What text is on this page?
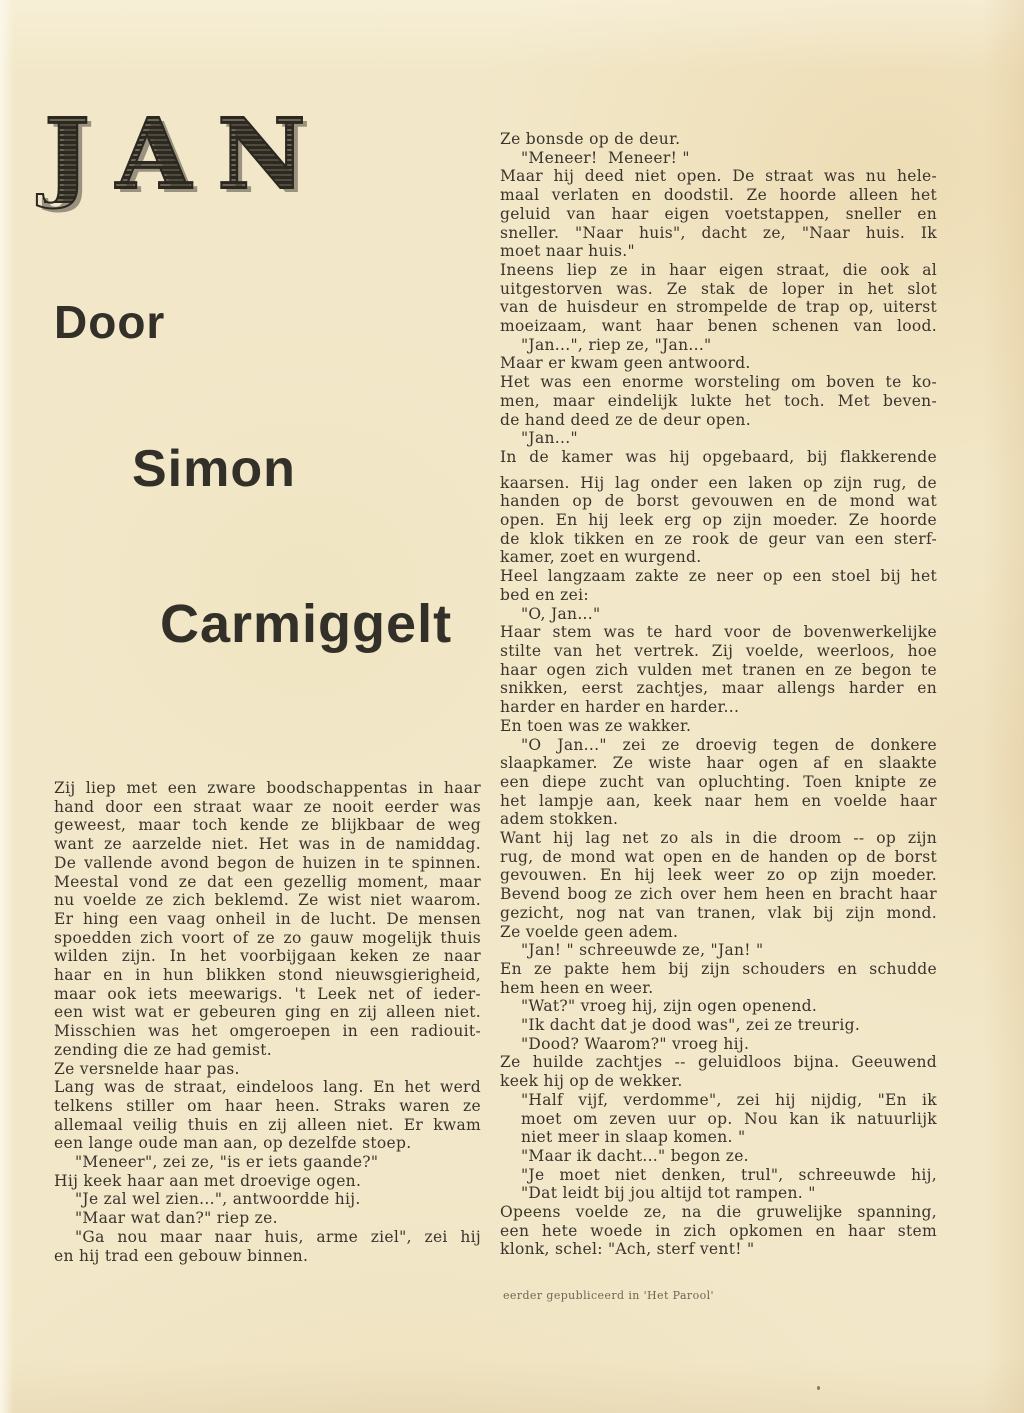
JAN
Door
Simon
Carmiggelt
Zij liep met een zware boodschappentas in haar
hand door een straat waar ze nooit eerder was
geweest, maar toch kende ze blijkbaar de weg
want ze aarzelde niet. Het was in de namiddag.
De vallende avond begon de huizen in te spinnen.
Meestal vond ze dat een gezellig moment, maar
nu voelde ze zich beklemd. Ze wist niet waarom.
Er hing een vaag onheil in de lucht. De mensen
spoedden zich voort of ze zo gauw mogelijk thuis
wilden zijn. In het voorbijgaan keken ze naar
haar en in hun blikken stond nieuwsgierigheid,
maar ook iets meewarigs. 't Leek net of ieder-
een wist wat er gebeuren ging en zij alleen niet.
Misschien was het omgeroepen in een radiouit-
zending die ze had gemist.
Ze versnelde haar pas.
Lang was de straat, eindeloos lang. En het werd
telkens stiller om haar heen. Straks waren ze
allemaal veilig thuis en zij alleen niet. Er kwam
een lange oude man aan, op dezelfde stoep.
"Meneer", zei ze, "is er iets gaande?"
Hij keek haar aan met droevige ogen.
"Je zal wel zien...", antwoordde hij.
"Maar wat dan?" riep ze.
"Ga nou maar naar huis, arme ziel", zei hij
en hij trad een gebouw binnen.
Ze bonsde op de deur.
"Meneer!  Meneer! "
Maar hij deed niet open. De straat was nu hele-
maal verlaten en doodstil. Ze hoorde alleen het
geluid van haar eigen voetstappen, sneller en
sneller. "Naar huis", dacht ze, "Naar huis. Ik
moet naar huis."
Ineens liep ze in haar eigen straat, die ook al
uitgestorven was. Ze stak de loper in het slot
van de huisdeur en strompelde de trap op, uiterst
moeizaam, want haar benen schenen van lood.
"Jan...", riep ze, "Jan..."
Maar er kwam geen antwoord.
Het was een enorme worsteling om boven te ko-
men, maar eindelijk lukte het toch. Met beven-
de hand deed ze de deur open.
"Jan..."
In de kamer was hij opgebaard, bij flakkerende
kaarsen. Hij lag onder een laken op zijn rug, de
handen op de borst gevouwen en de mond wat
open. En hij leek erg op zijn moeder. Ze hoorde
de klok tikken en ze rook de geur van een sterf-
kamer, zoet en wurgend.
Heel langzaam zakte ze neer op een stoel bij het
bed en zei:
"O, Jan..."
Haar stem was te hard voor de bovenwerkelijke
stilte van het vertrek. Zij voelde, weerloos, hoe
haar ogen zich vulden met tranen en ze begon te
snikken, eerst zachtjes, maar allengs harder en
harder en harder en harder...
En toen was ze wakker.
"O Jan..." zei ze droevig tegen de donkere
slaapkamer. Ze wiste haar ogen af en slaakte
een diepe zucht van opluchting. Toen knipte ze
het lampje aan, keek naar hem en voelde haar
adem stokken.
Want hij lag net zo als in die droom -- op zijn
rug, de mond wat open en de handen op de borst
gevouwen. En hij leek weer zo op zijn moeder.
Bevend boog ze zich over hem heen en bracht haar
gezicht, nog nat van tranen, vlak bij zijn mond.
Ze voelde geen adem.
"Jan! " schreeuwde ze, "Jan! "
En ze pakte hem bij zijn schouders en schudde
hem heen en weer.
"Wat?" vroeg hij, zijn ogen openend.
"Ik dacht dat je dood was", zei ze treurig.
"Dood? Waarom?" vroeg hij.
Ze huilde zachtjes -- geluidloos bijna. Geeuwend
keek hij op de wekker.
"Half vijf, verdomme", zei hij nijdig, "En ik
moet om zeven uur op. Nou kan ik natuurlijk
niet meer in slaap komen. "
"Maar ik dacht..." begon ze.
"Je moet niet denken, trul", schreeuwde hij,
"Dat leidt bij jou altijd tot rampen. "
Opeens voelde ze, na die gruwelijke spanning,
een hete woede in zich opkomen en haar stem
klonk, schel: "Ach, sterf vent! "
eerder gepubliceerd in 'Het Parool'
